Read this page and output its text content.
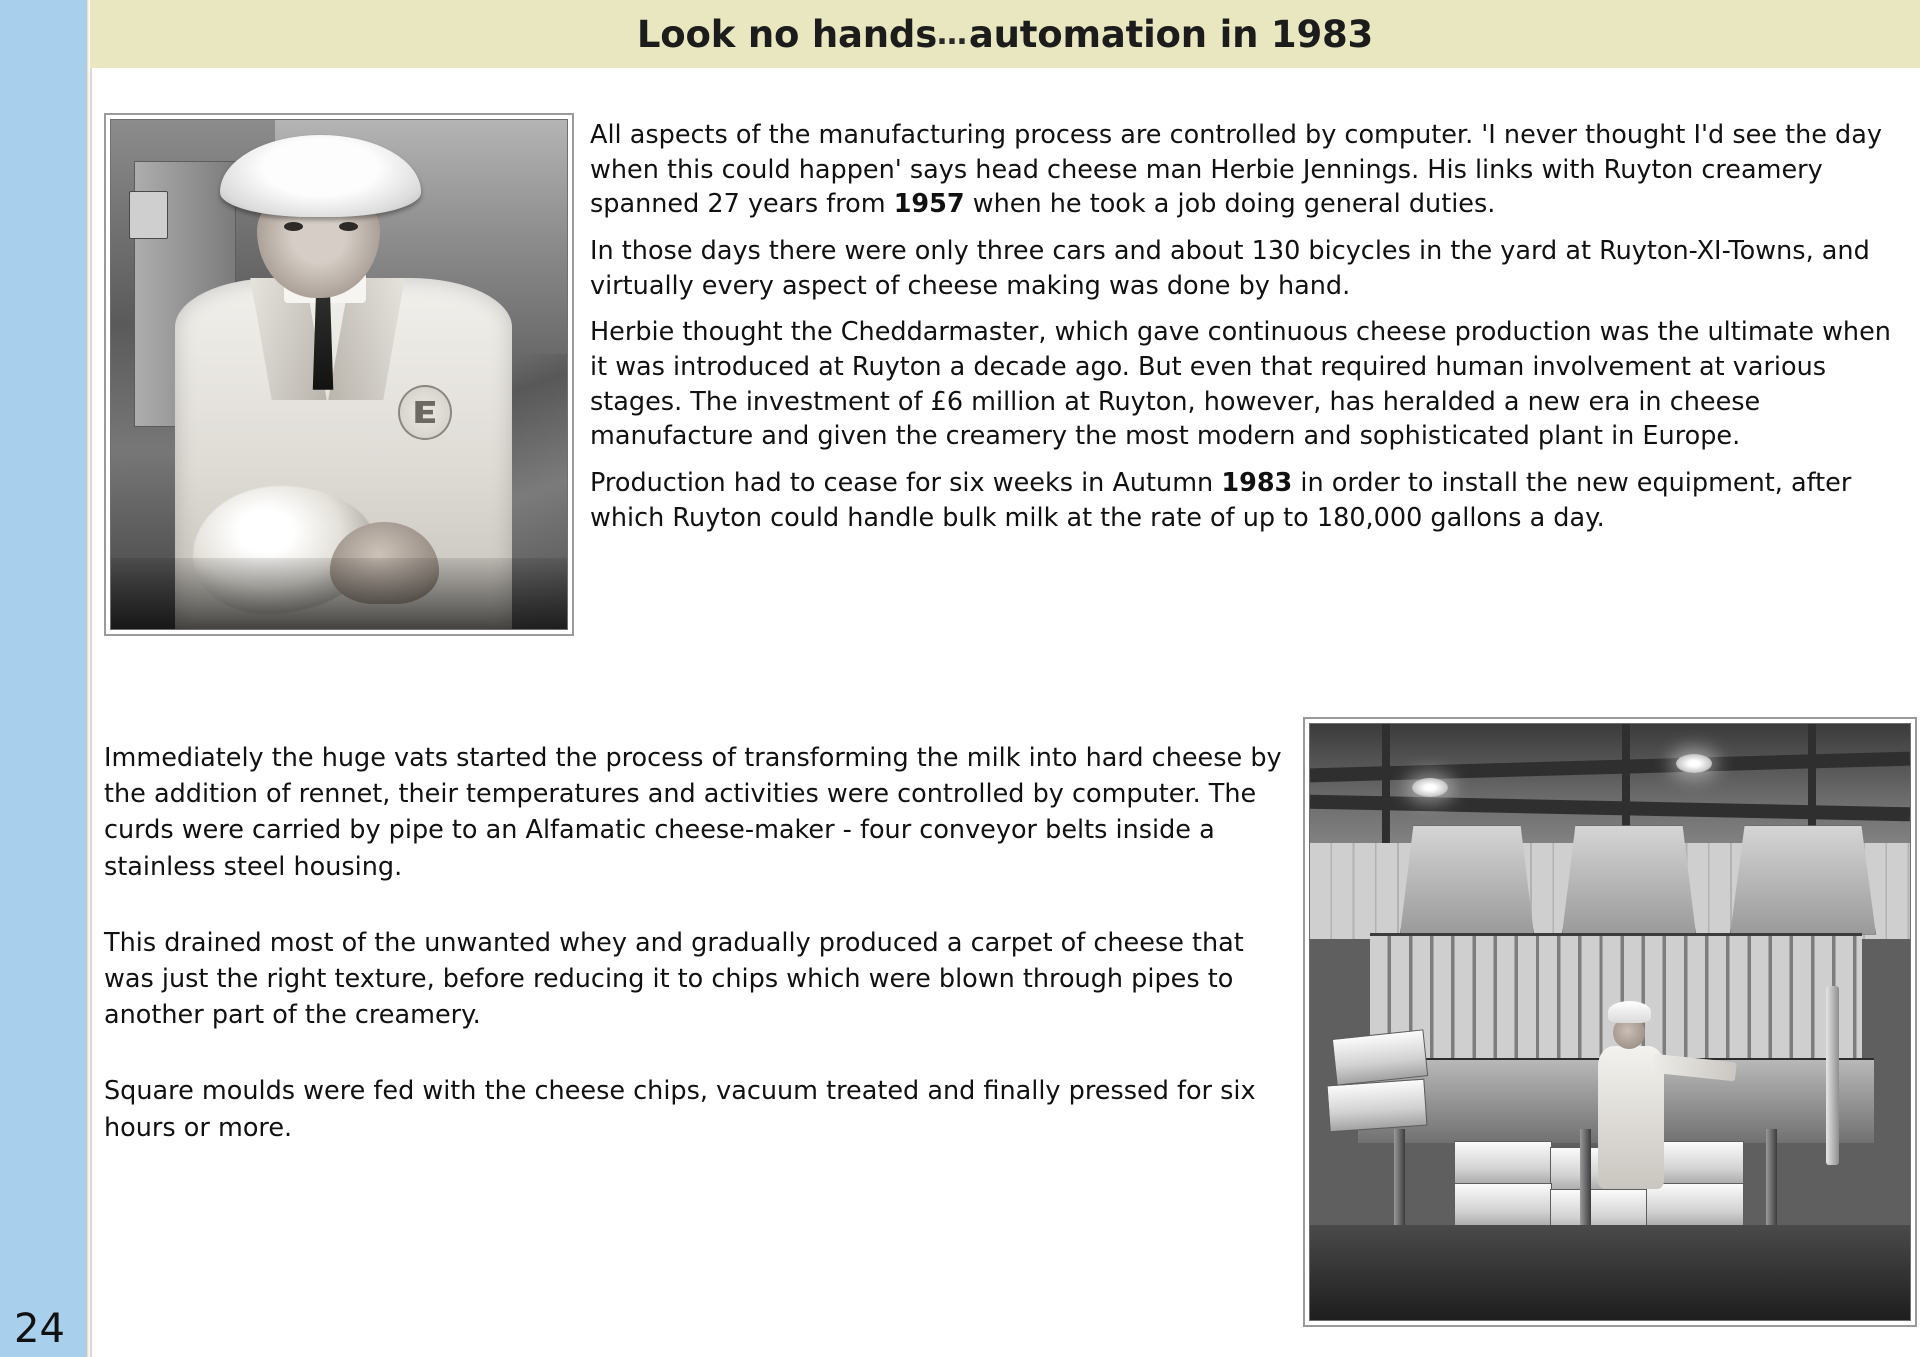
24
Look no hands … automation in 1983

All aspects of the manufacturing process are controlled by computer. 'I never thought I'd see the day when this could happen' says head cheese man Herbie Jennings. His links with Ruyton creamery spanned 27 years from 1957 when he took a job doing general duties.

In those days there were only three cars and about 130 bicycles in the yard at Ruyton-XI-Towns, and virtually every aspect of cheese making was done by hand.

Herbie thought the Cheddarmaster, which gave continuous cheese production was the ultimate when it was introduced at Ruyton a decade ago. But even that required human involvement at various stages. The investment of £6 million at Ruyton, however, has heralded a new era in cheese manufacture and given the creamery the most modern and sophisticated plant in Europe.

Production had to cease for six weeks in Autumn 1983 in order to install the new equipment, after which Ruyton could handle bulk milk at the rate of up to 180,000 gallons a day.

Immediately the huge vats started the process of transforming the milk into hard cheese by the addition of rennet, their temperatures and activities were controlled by computer. The curds were carried by pipe to an Alfamatic cheese-maker - four conveyor belts inside a stainless steel housing.

This drained most of the unwanted whey and gradually produced a carpet of cheese that was just the right texture, before reducing it to chips which were blown through pipes to another part of the creamery.

Square moulds were fed with the cheese chips, vacuum treated and finally pressed for six hours or more.
